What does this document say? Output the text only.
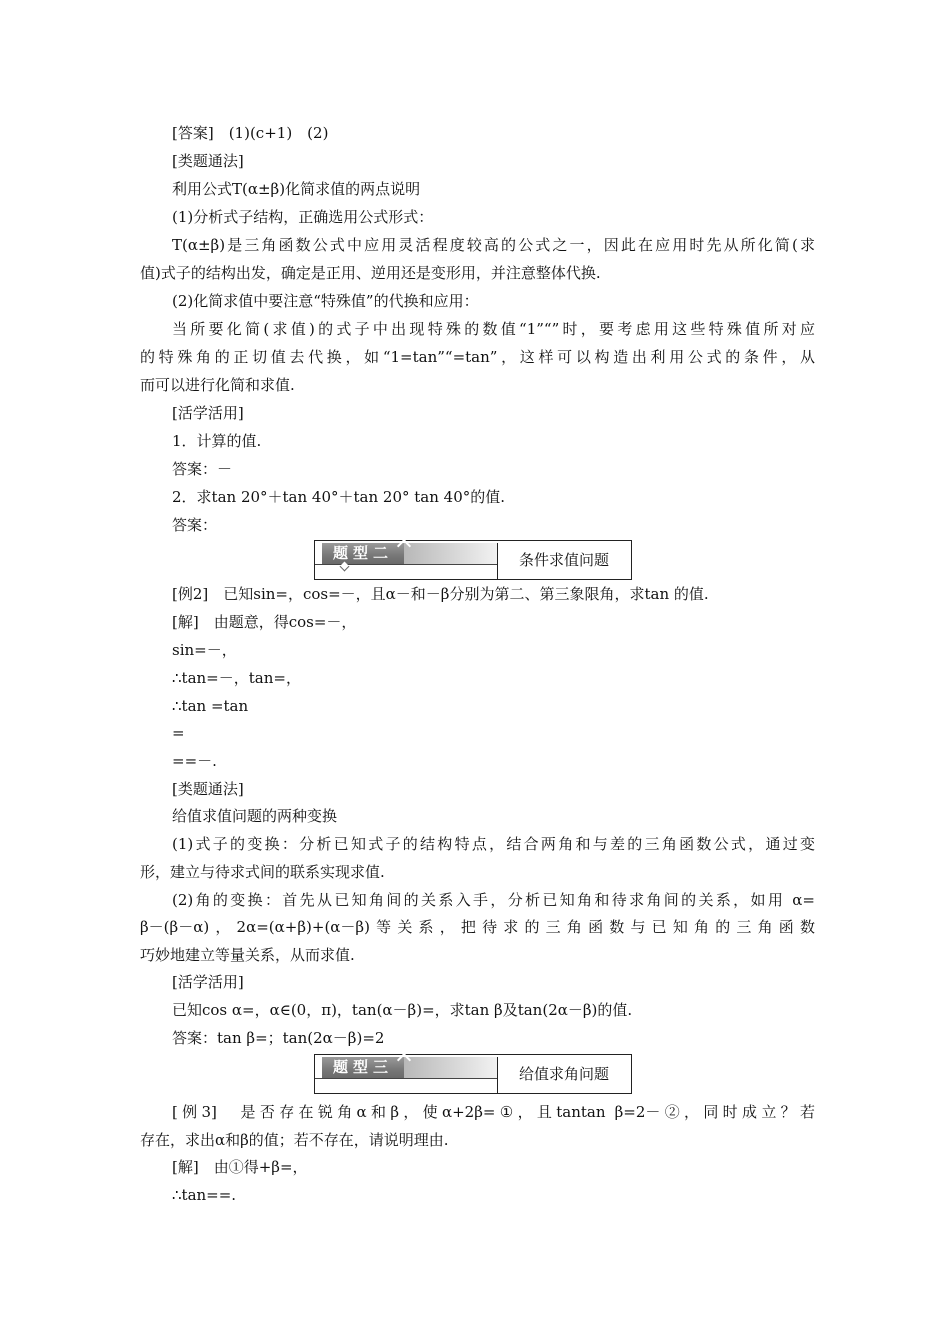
[答案]　(1)(c+1)　(2)
[类题通法]
利用公式T(α±β)化简求值的两点说明
(1)分析式子结构，正确选用公式形式：
T(α±β)是三角函数公式中应用灵活程度较高的公式之一，因此在应用时先从所化简(求
值)式子的结构出发，确定是正用、逆用还是变形用，并注意整体代换.
(2)化简求值中要注意“特殊值”的代换和应用：
当所要化简(求值)的式子中出现特殊的数值“1”“”时，要考虑用这些特殊值所对应
的特殊角的正切值去代换，如“1=tan”“=tan”，这样可以构造出利用公式的条件，从
而可以进行化简和求值.
[活学活用]
1．计算的值.
答案：－
2．求tan 20°＋tan 40°＋tan 20° tan 40°的值.
答案：
题型二	条件求值问题
[例2]　已知sin=，cos=－，且α－和－β分别为第二、第三象限角，求tan 的值.
[解]　由题意，得cos=－，
sin=－，
∴tan=－，tan=，
∴tan =tan
=
==－.
[类题通法]
给值求值问题的两种变换
(1)式子的变换：分析已知式子的结构特点，结合两角和与差的三角函数公式，通过变
形，建立与待求式间的联系实现求值.
(2)角的变换：首先从已知角间的关系入手，分析已知角和待求角间的关系，如用 α=
β－(β－α)，2α=(α+β)+(α－β)等关系，把待求的三角函数与已知角的三角函数
巧妙地建立等量关系，从而求值.
[活学活用]
已知cos α=，α∈(0，π)，tan(α－β)=，求tan β及tan(2α－β)的值.
答案：tan β=；tan(2α－β)=2
题型三	给值求角问题
[例3]　是否存在锐角α和β，使α+2β=①，且tantan β=2－②，同时成立？若
存在，求出α和β的值；若不存在，请说明理由.
[解]　由①得+β=，
∴tan==.
